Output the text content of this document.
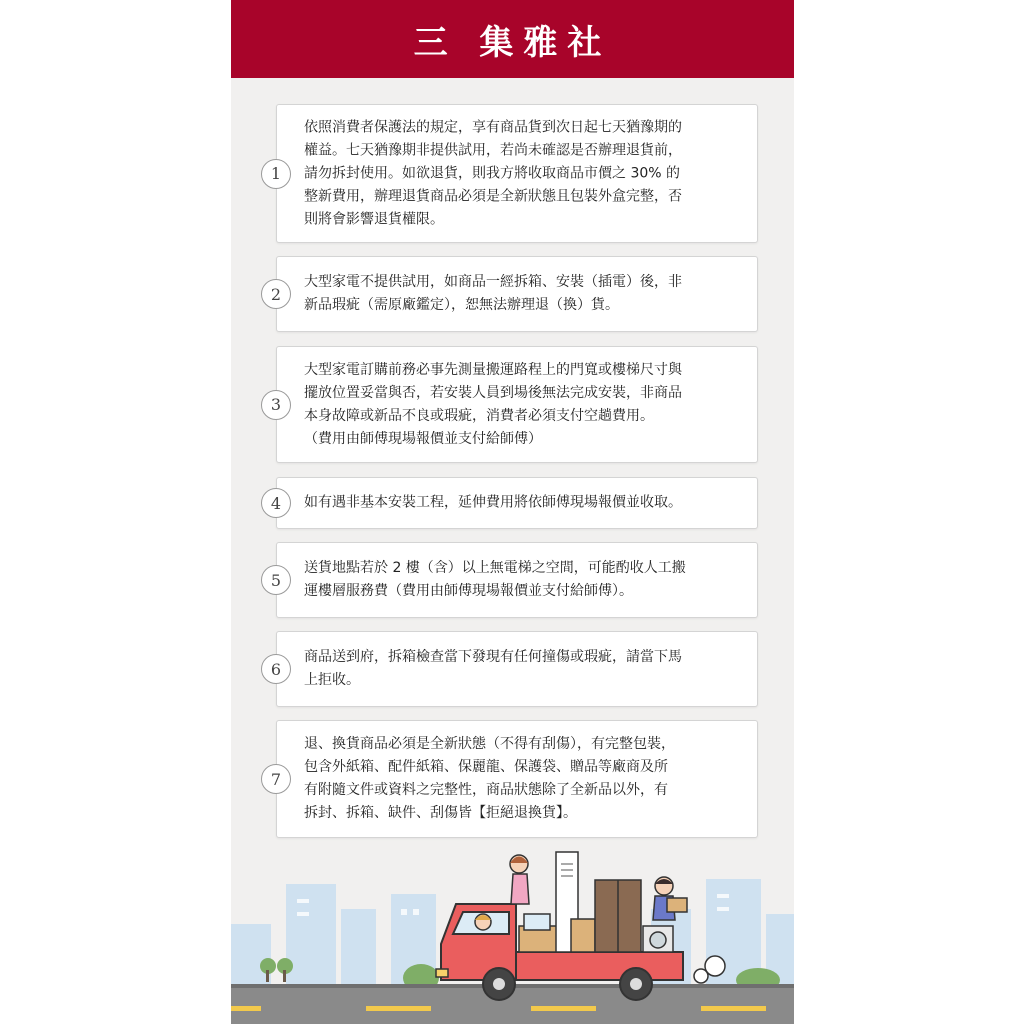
三 集雅社
1
依照消費者保護法的規定，享有商品貨到次日起七天猶豫期的
權益。七天猶豫期非提供試用，若尚未確認是否辦理退貨前，
請勿拆封使用。如欲退貨，則我方將收取商品市價之 30% 的
整新費用，辦理退貨商品必須是全新狀態且包裝外盒完整，否
則將會影響退貨權限。
2
大型家電不提供試用，如商品一經拆箱、安裝（插電）後，非
新品瑕疵（需原廠鑑定），恕無法辦理退（換）貨。
3
大型家電訂購前務必事先測量搬運路程上的門寬或樓梯尺寸與
擺放位置妥當與否，若安裝人員到場後無法完成安裝，非商品
本身故障或新品不良或瑕疵，消費者必須支付空趟費用。
（費用由師傅現場報價並支付給師傅）
4	如有遇非基本安裝工程，延伸費用將依師傅現場報價並收取。
5
送貨地點若於 2 樓（含）以上無電梯之空間，可能酌收人工搬
運樓層服務費（費用由師傅現場報價並支付給師傅）。
6
商品送到府，拆箱檢查當下發現有任何撞傷或瑕疵，請當下馬
上拒收。
7
退、換貨商品必須是全新狀態（不得有刮傷），有完整包裝，
包含外紙箱、配件紙箱、保麗龍、保護袋、贈品等廠商及所
有附隨文件或資料之完整性，商品狀態除了全新品以外，有
拆封、拆箱、缺件、刮傷皆【拒絕退換貨】。
